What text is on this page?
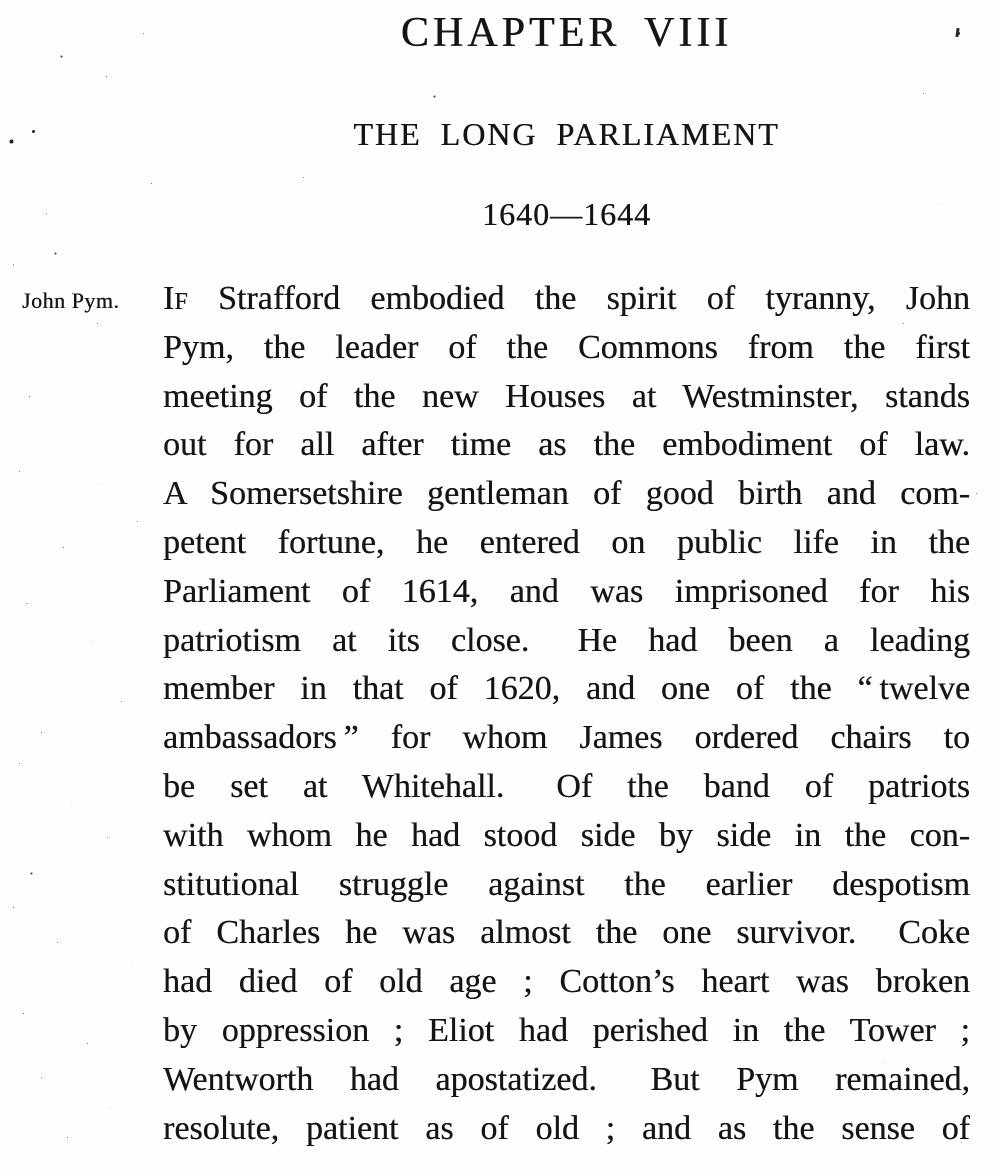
CHAPTER VIII
THE LONG PARLIAMENT
1640—1644
John Pym.	If Strafford embodied the spirit of tyranny, John
Pym, the leader of the Commons from the first
meeting of the new Houses at Westminster, stands
out for all after time as the embodiment of law.
A Somersetshire gentleman of good birth and com-
petent fortune, he entered on public life in the
Parliament of 1614, and was imprisoned for his
patriotism at its close.  He had been a leading
member in that of 1620, and one of the “ twelve
ambassadors ” for whom James ordered chairs to
be set at Whitehall.  Of the band of patriots
with whom he had stood side by side in the con-
stitutional struggle against the earlier despotism
of Charles he was almost the one survivor.  Coke
had died of old age ; Cotton’s heart was broken
by oppression ; Eliot had perished in the Tower ;
Wentworth had apostatized.  But Pym remained,
resolute, patient as of old ; and as the sense of
